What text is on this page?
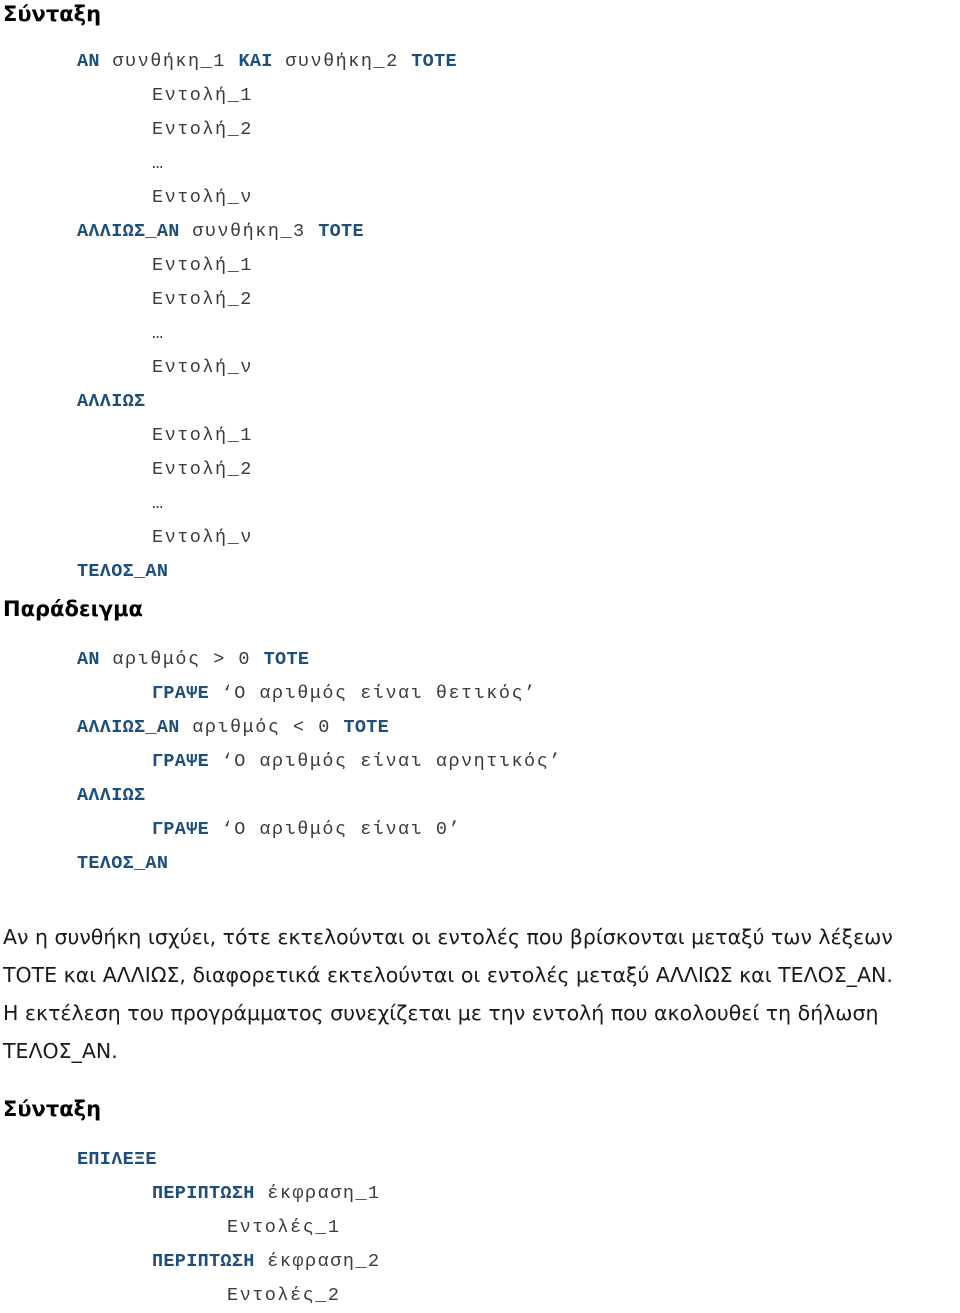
Σύνταξη
ΑΝ συνθήκη_1 ΚΑΙ συνθήκη_2 ΤΟΤΕ
Εντολή_1
Εντολή_2
…
Εντολή_ν
ΑΛΛΙΩΣ_ΑΝ συνθήκη_3 ΤΟΤΕ
Εντολή_1
Εντολή_2
…
Εντολή_ν
ΑΛΛΙΩΣ
Εντολή_1
Εντολή_2
…
Εντολή_ν
ΤΕΛΟΣ_ΑΝ
Παράδειγμα
ΑΝ αριθμός > 0 ΤΟΤΕ
ΓΡΑΨΕ ‘Ο αριθμός είναι θετικός’
ΑΛΛΙΩΣ_ΑΝ αριθμός < 0 ΤΟΤΕ
ΓΡΑΨΕ ‘Ο αριθμός είναι αρνητικός’
ΑΛΛΙΩΣ
ΓΡΑΨΕ ‘Ο αριθμός είναι 0’
ΤΕΛΟΣ_ΑΝ
Αν η συνθήκη ισχύει, τότε εκτελούνται οι εντολές που βρίσκονται μεταξύ των λέξεων
ΤΟΤΕ και ΑΛΛΙΩΣ, διαφορετικά εκτελούνται οι εντολές μεταξύ ΑΛΛΙΩΣ και ΤΕΛΟΣ_ΑΝ.
Η εκτέλεση του προγράμματος συνεχίζεται με την εντολή που ακολουθεί τη δήλωση
ΤΕΛΟΣ_ΑΝ.
Σύνταξη
ΕΠΙΛΕΞΕ
ΠΕΡΙΠΤΩΣΗ έκφραση_1
Εντολές_1
ΠΕΡΙΠΤΩΣΗ έκφραση_2
Εντολές_2
